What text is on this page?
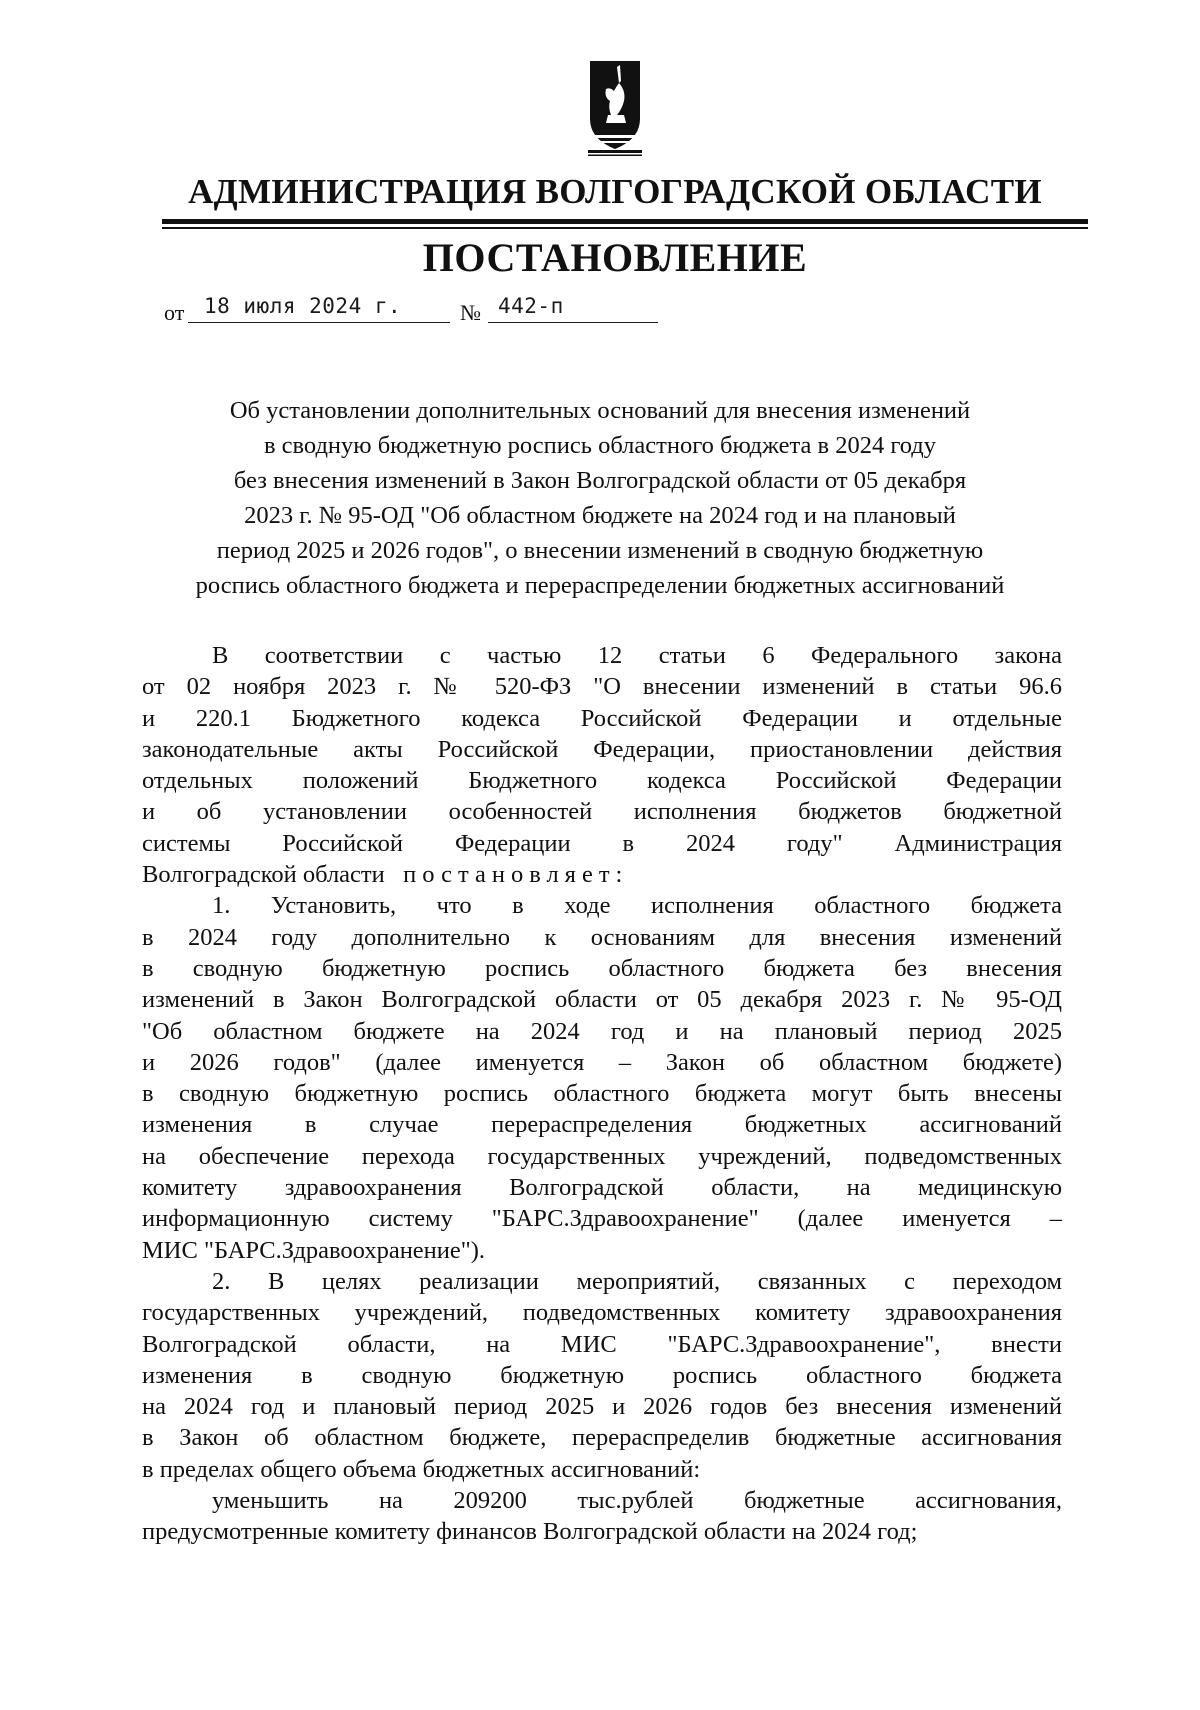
АДМИНИСТРАЦИЯ ВОЛГОГРАДСКОЙ ОБЛАСТИ
ПОСТАНОВЛЕНИЕ
от 18 июля 2024 г.	№ 442-п
Об установлении дополнительных оснований для внесения изменений
в сводную бюджетную роспись областного бюджета в 2024 году
без внесения изменений в Закон Волгоградской области от 05 декабря
2023 г. № 95-ОД "Об областном бюджете на 2024 год и на плановый
период 2025 и 2026 годов", о внесении изменений в сводную бюджетную
роспись областного бюджета и перераспределении бюджетных ассигнований
В соответствии с частью 12 статьи 6 Федерального закона
от 02 ноября 2023 г. № 520-ФЗ "О внесении изменений в статьи 96.6
и 220.1 Бюджетного кодекса Российской Федерации и отдельные
законодательные акты Российской Федерации, приостановлении действия
отдельных положений Бюджетного кодекса Российской Федерации
и об установлении особенностей исполнения бюджетов бюджетной
системы Российской Федерации в 2024 году" Администрация
Волгоградской области постановляет:
1. Установить, что в ходе исполнения областного бюджета
в 2024 году дополнительно к основаниям для внесения изменений
в сводную бюджетную роспись областного бюджета без внесения
изменений в Закон Волгоградской области от 05 декабря 2023 г. № 95-ОД
"Об областном бюджете на 2024 год и на плановый период 2025
и 2026 годов" (далее именуется – Закон об областном бюджете)
в сводную бюджетную роспись областного бюджета могут быть внесены
изменения в случае перераспределения бюджетных ассигнований
на обеспечение перехода государственных учреждений, подведомственных
комитету здравоохранения Волгоградской области, на медицинскую
информационную систему "БАРС.Здравоохранение" (далее именуется –
МИС "БАРС.Здравоохранение").
2. В целях реализации мероприятий, связанных с переходом
государственных учреждений, подведомственных комитету здравоохранения
Волгоградской области, на МИС "БАРС.Здравоохранение", внести
изменения в сводную бюджетную роспись областного бюджета
на 2024 год и плановый период 2025 и 2026 годов без внесения изменений
в Закон об областном бюджете, перераспределив бюджетные ассигнования
в пределах общего объема бюджетных ассигнований:
уменьшить на 209200 тыс.рублей бюджетные ассигнования,
предусмотренные комитету финансов Волгоградской области на 2024 год;
